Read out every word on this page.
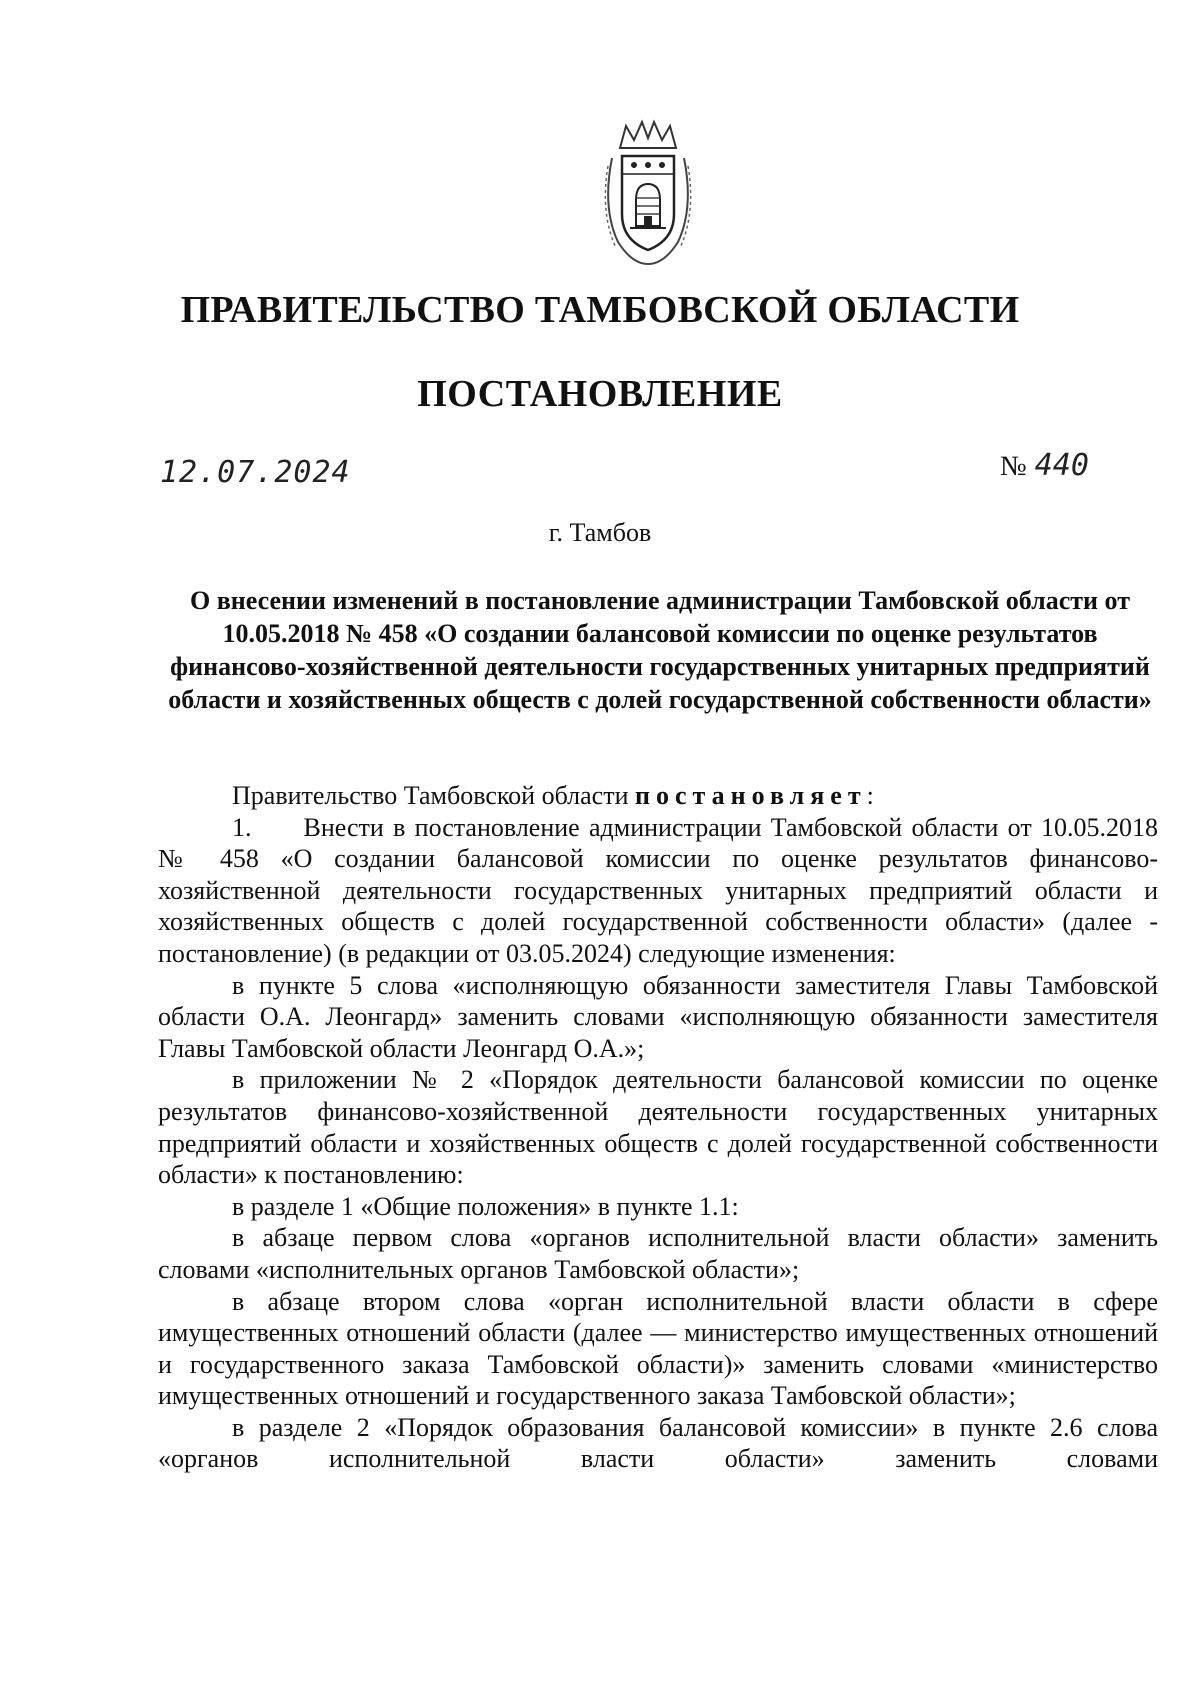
ПРАВИТЕЛЬСТВО ТАМБОВСКОЙ ОБЛАСТИ
ПОСТАНОВЛЕНИЕ
12.07.2024	№ 440
г. Тамбов
О внесении изменений в постановление администрации Тамбовской области от 10.05.2018 № 458 «О создании балансовой комиссии по оценке результатов финансово-хозяйственной деятельности государственных унитарных предприятий области и хозяйственных обществ с долей государственной собственности области»

Правительство Тамбовской области постановляет:

1. Внести в постановление администрации Тамбовской области от 10.05.2018 № 458 «О создании балансовой комиссии по оценке результатов финансово-хозяйственной деятельности государственных унитарных предприятий области и хозяйственных обществ с долей государственной собственности области» (далее - постановление) (в редакции от 03.05.2024) следующие изменения:

в пункте 5 слова «исполняющую обязанности заместителя Главы Тамбовской области О.А. Леонгард» заменить словами «исполняющую обязанности заместителя Главы Тамбовской области Леонгард О.А.»;

в приложении № 2 «Порядок деятельности балансовой комиссии по оценке результатов финансово-хозяйственной деятельности государственных унитарных предприятий области и хозяйственных обществ с долей государственной собственности области» к постановлению:

в разделе 1 «Общие положения» в пункте 1.1:

в абзаце первом слова «органов исполнительной власти области» заменить словами «исполнительных органов Тамбовской области»;

в абзаце втором слова «орган исполнительной власти области в сфере имущественных отношений области (далее — министерство имущественных отношений и государственного заказа Тамбовской области)» заменить словами «министерство имущественных отношений и государственного заказа Тамбовской области»;

в разделе 2 «Порядок образования балансовой комиссии» в пункте 2.6 слова «органов исполнительной власти области» заменить словами
